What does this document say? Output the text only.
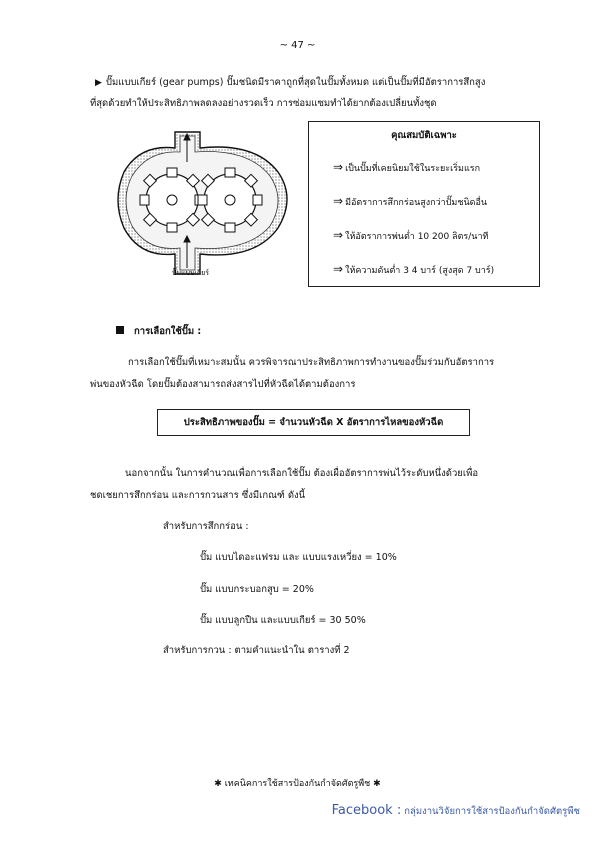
~ 47 ~
▶ ปั๊มแบบเกียร์ (gear pumps) ปั๊มชนิดมีราคาถูกที่สุดในปั๊มทั้งหมด แต่เป็นปั๊มที่มีอัตราการสึกสูง
ที่สุดด้วยทำให้ประสิทธิภาพลดลงอย่างรวดเร็ว การซ่อมแซมทำได้ยากต้องเปลี่ยนทั้งชุด
ปั๊มแบบเกียร์
คุณสมบัติเฉพาะ
⇒ เป็นปั๊มที่เคยนิยมใช้ในระยะเริ่มแรก
⇒ มีอัตราการสึกกร่อนสูงกว่าปั๊มชนิดอื่น
⇒ ให้อัตราการพ่นต่ำ 10 200 ลิตร/นาที
⇒ ให้ความดันต่ำ 3 4 บาร์ (สูงสุด 7 บาร์)
การเลือกใช้ปั๊ม :
การเลือกใช้ปั๊มที่เหมาะสมนั้น ควรพิจารณาประสิทธิภาพการทำงานของปั๊มร่วมกับอัตราการ
พ่นของหัวฉีด โดยปั๊มต้องสามารถส่งสารไปที่หัวฉีดได้ตามต้องการ
ประสิทธิภาพของปั๊ม = จำนวนหัวฉีด X อัตราการไหลของหัวฉีด
นอกจากนั้น ในการคำนวณเพื่อการเลือกใช้ปั๊ม ต้องเผื่ออัตราการพ่นไว้ระดับหนึ่งด้วยเพื่อ
ชดเชยการสึกกร่อน และการกวนสาร ซึ่งมีเกณฑ์ ดังนี้
สำหรับการสึกกร่อน :
ปั๊ม แบบไดอะแฟรม และ แบบแรงเหวี่ยง = 10%
ปั๊ม แบบกระบอกสูบ = 20%
ปั๊ม แบบลูกปืน และแบบเกียร์ = 30 50%
สำหรับการกวน : ตามคำแนะนำใน ตารางที่ 2
✱ เทคนิคการใช้สารป้องกันกำจัดศัตรูพืช ✱
Facebook : กลุ่มงานวิจัยการใช้สารป้องกันกำจัดศัตรูพืช
